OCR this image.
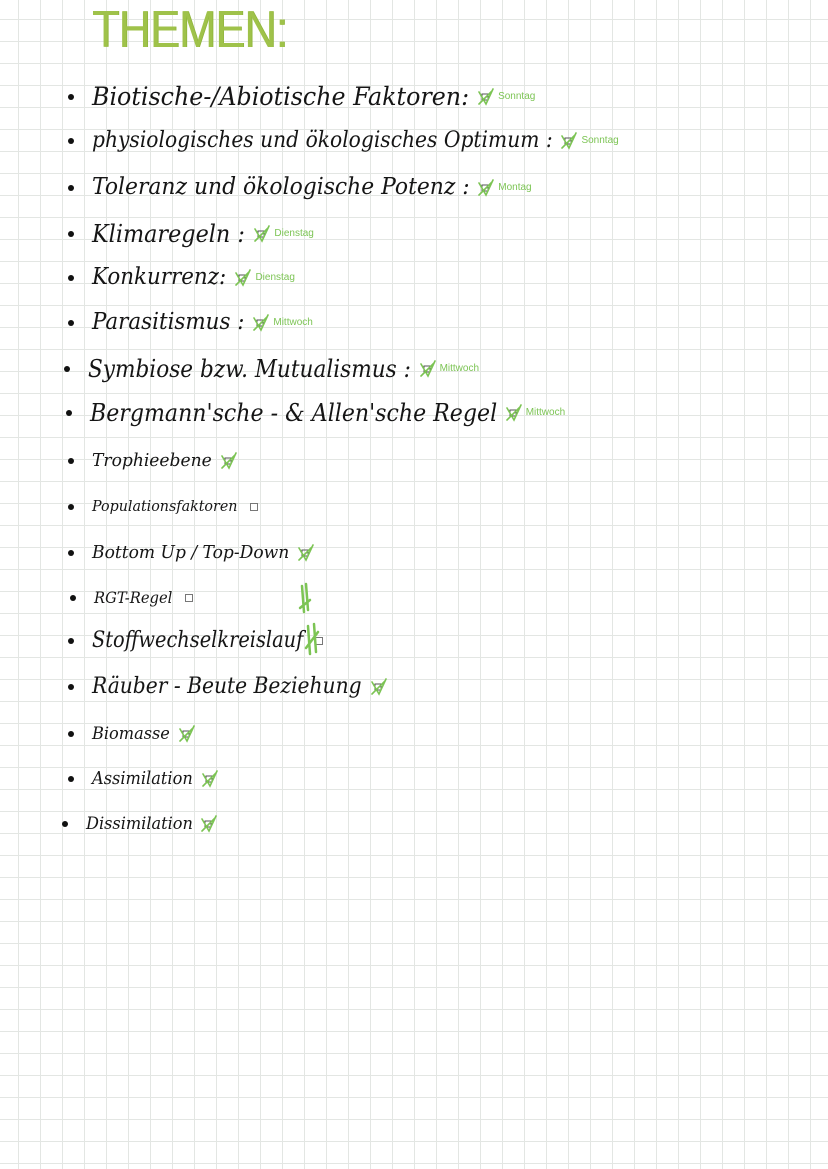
THEMEN:
Biotische-/Abiotische Faktoren:	Sonntag
physiologisches und ökologisches Optimum :	Sonntag
Toleranz und ökologische Potenz :	Montag
Klimaregeln :	Dienstag
Konkurrenz:	Dienstag
Parasitismus :	Mittwoch
Symbiose bzw. Mutualismus :	Mittwoch
Bergmann'sche - & Allen'sche Regel	Mittwoch
Trophieebene
Populationsfaktoren
Bottom Up / Top-Down
RGT-Regel
Stoffwechselkreislauf
Räuber - Beute Beziehung
Biomasse
Assimilation
Dissimilation
